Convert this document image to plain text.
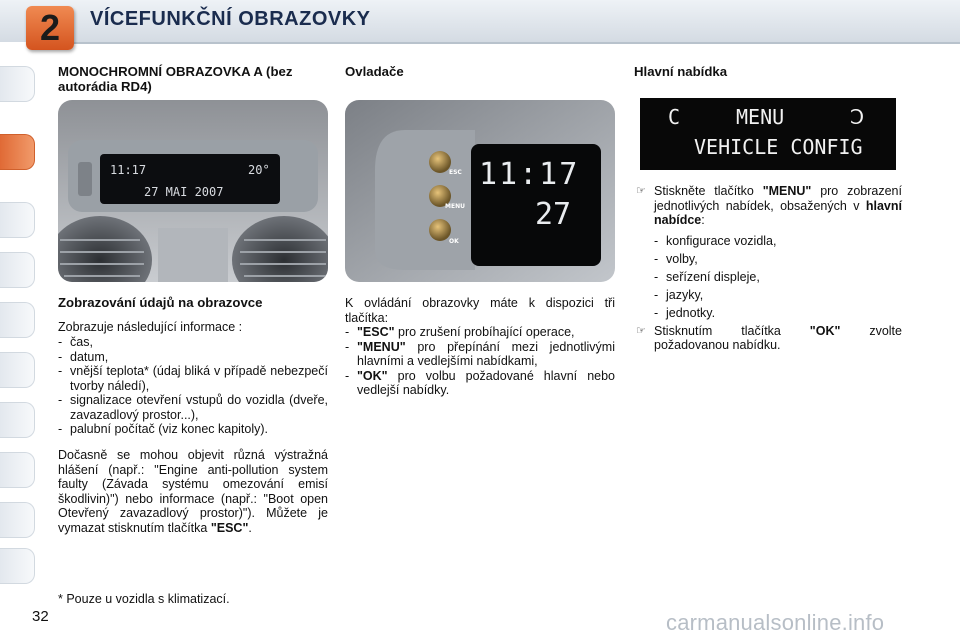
2	VÍCEFUNKČNÍ OBRAZOVKY
MONOCHROMNÍ OBRAZOVKA A (bez autorádia RD4)
11:17	20°
27 MAI 2007
Zobrazování údajů na obrazovce
Zobrazuje následující informace :
- čas,
- datum,
- vnější teplota* (údaj bliká v případě nebezpečí tvorby náledí),
- signalizace otevření vstupů do vozidla (dveře, zavazadlový prostor...),
- palubní počítač (viz konec kapitoly).
Dočasně se mohou objevit různá výstražná hlášení (např.: "Engine anti-pollution system faulty (Závada systému omezování emisí škodlivin)") nebo informace (např.: "Boot open Otevřený zavazadlový prostor)"). Můžete je vymazat stisknutím tlačítka "ESC".
Ovladače
ESC
MENU
OK
11:17
27
K ovládání obrazovky máte k dispozici tři tlačítka:
- "ESC" pro zrušení probíhající operace,
- "MENU" pro přepínání mezi jednotlivými hlavními a vedlejšími nabídkami,
- "OK" pro volbu požadované hlavní nebo vedlejší nabídky.
Hlavní nabídka
C	MENU	Ↄ
VEHICLE CONFIG
☞ Stiskněte tlačítko "MENU" pro zobrazení jednotlivých nabídek, obsažených v hlavní nabídce:
- konfigurace vozidla,
- volby,
- seřízení displeje,
- jazyky,
- jednotky.
☞ Stisknutím tlačítka "OK" zvolte požadovanou nabídku.
* Pouze u vozidla s klimatizací.
32	carmanualsonline.info
